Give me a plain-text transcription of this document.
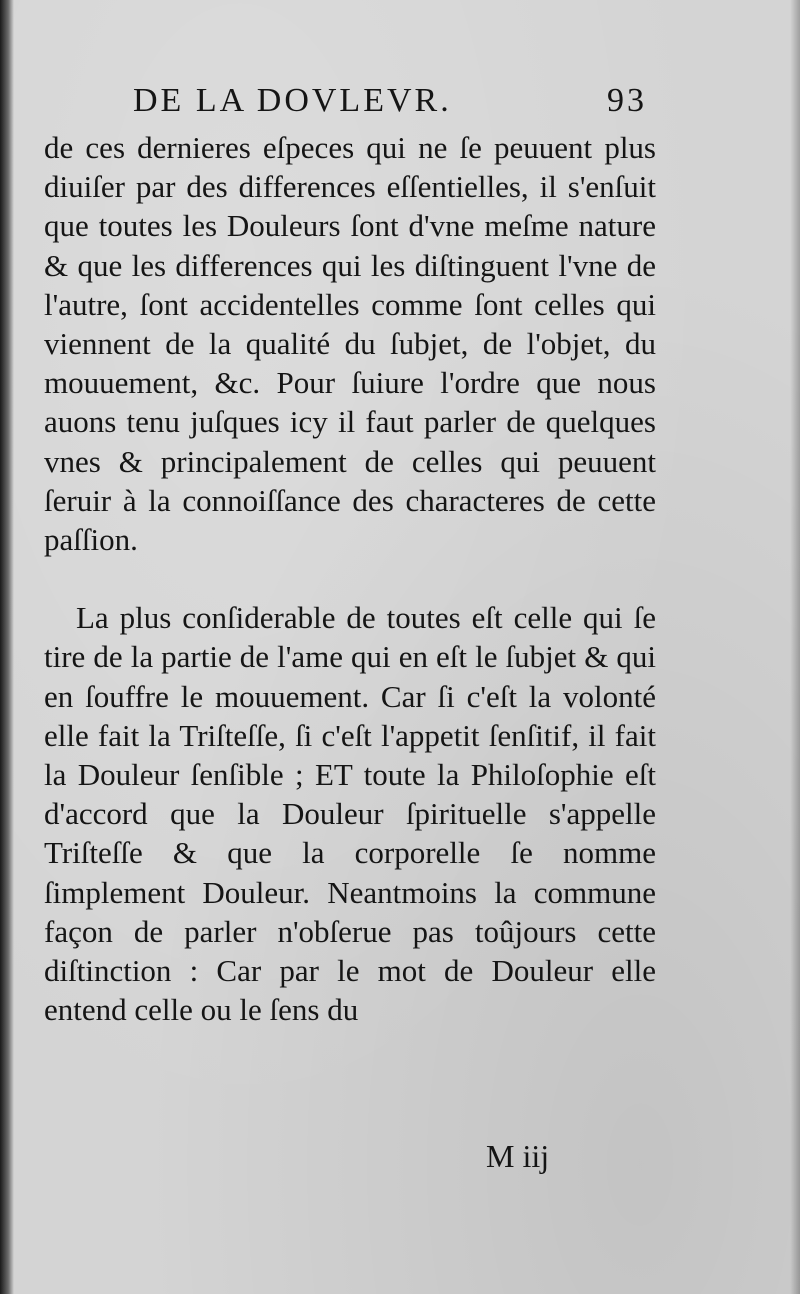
DE LA DOVLEVR.	93

de ces dernieres eſpeces qui ne ſe peuuent plus diuiſer par des differences eſſentielles, il s'enſuit que toutes les Douleurs ſont d'vne meſme nature & que les differences qui les diſtinguent l'vne de l'autre, ſont accidentelles comme ſont celles qui viennent de la qualité du ſubjet, de l'objet, du mouuement, &c. Pour ſuiure l'ordre que nous auons tenu juſques icy il faut parler de quelques vnes & principalement de celles qui peuuent ſeruir à la connoiſſance des characteres de cette paſſion.

La plus conſiderable de toutes eſt celle qui ſe tire de la partie de l'ame qui en eſt le ſubjet & qui en ſouffre le mouuement. Car ſi c'eſt la volonté elle fait la Triſteſſe, ſi c'eſt l'appetit ſenſitif, il fait la Douleur ſenſible ; ET toute la Philoſophie eſt d'accord que la Douleur ſpirituelle s'appelle Triſteſſe & que la corporelle ſe nomme ſimplement Douleur. Neantmoins la commune façon de parler n'obſerue pas toûjours cette diſtinction : Car par le mot de Douleur elle entend celle ou le ſens du

M iij
